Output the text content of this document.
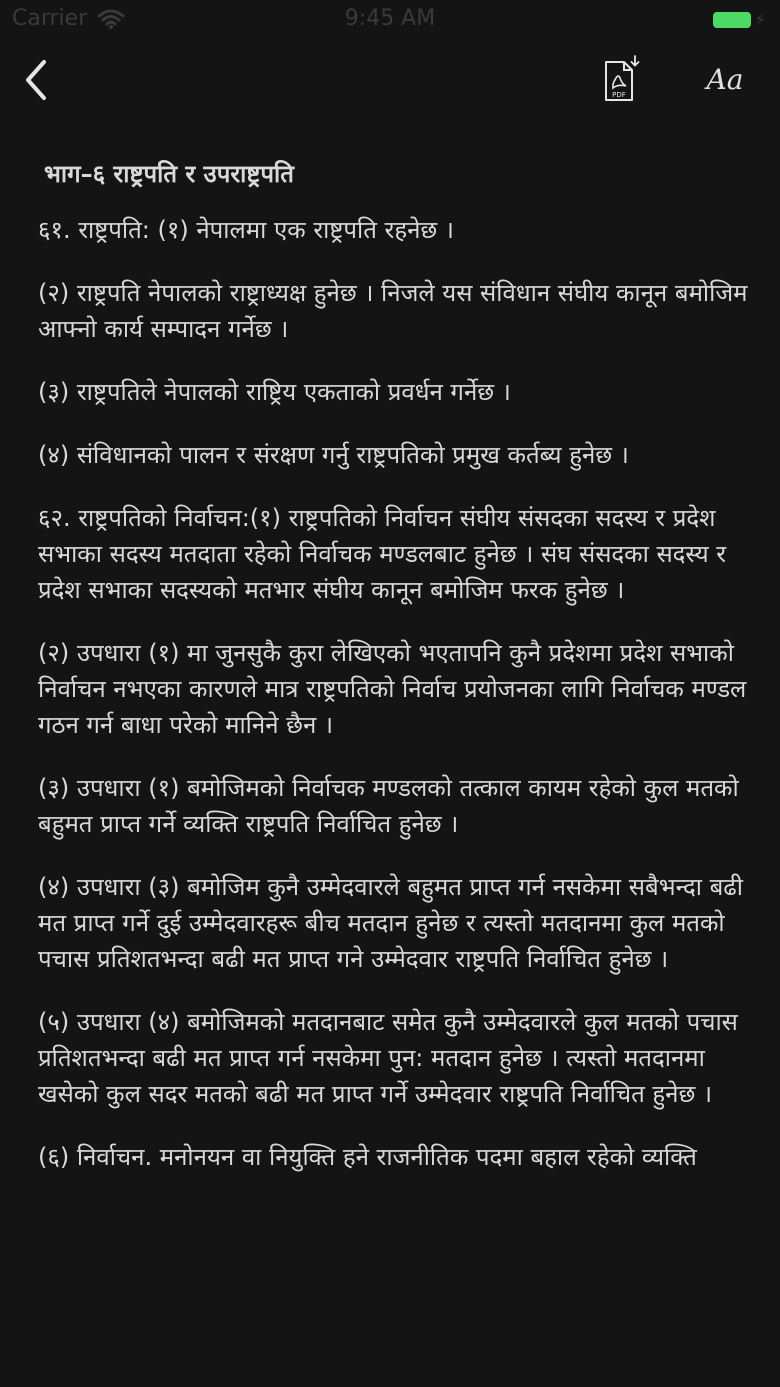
Carrier	9:45 AM	⚡
PDF	Aa
भाग–६ राष्ट्रपति र उपराष्ट्रपति

६१. राष्ट्रपति: (१) नेपालमा एक राष्ट्रपति रहनेछ ।

(२) राष्ट्रपति नेपालको राष्ट्राध्यक्ष हुनेछ । निजले यस संविधान संघीय कानून बमोजिम आफ्नो कार्य सम्पादन गर्नेछ ।

(३) राष्ट्रपतिले नेपालको राष्ट्रिय एकताको प्रवर्धन गर्नेछ ।

(४) संविधानको पालन र संरक्षण गर्नु राष्ट्रपतिको प्रमुख कर्तब्य हुनेछ ।

६२. राष्ट्रपतिको निर्वाचन:(१) राष्ट्रपतिको निर्वाचन संघीय संसदका सदस्य र प्रदेश सभाका सदस्य मतदाता रहेको निर्वाचक मण्डलबाट हुनेछ । संघ संसदका सदस्य र प्रदेश सभाका सदस्यको मतभार संघीय कानून बमोजिम फरक हुनेछ ।

(२) उपधारा (१) मा जुनसुकै कुरा लेखिएको भएतापनि कुनै प्रदेशमा प्रदेश सभाको निर्वाचन नभएका कारणले मात्र राष्ट्रपतिको निर्वाच प्रयोजनका लागि निर्वाचक मण्डल गठन गर्न बाधा परेको मानिने छैन ।

(३) उपधारा (१) बमोजिमको निर्वाचक मण्डलको तत्काल कायम रहेको कुल मतको बहुमत प्राप्त गर्ने व्यक्ति राष्ट्रपति निर्वाचित हुनेछ ।

(४) उपधारा (३) बमोजिम कुनै उम्मेदवारले बहुमत प्राप्त गर्न नसकेमा सबैभन्दा बढी मत प्राप्त गर्ने दुई उम्मेदवारहरू बीच मतदान हुनेछ र त्यस्तो मतदानमा कुल मतको पचास प्रतिशतभन्दा बढी मत प्राप्त गने उम्मेदवार राष्ट्रपति निर्वाचित हुनेछ ।

(५) उपधारा (४) बमोजिमको मतदानबाट समेत कुनै उम्मेदवारले कुल मतको पचास प्रतिशतभन्दा बढी मत प्राप्त गर्न नसकेमा पुन: मतदान हुनेछ । त्यस्तो मतदानमा खसेको कुल सदर मतको बढी मत प्राप्त गर्ने उम्मेदवार राष्ट्रपति निर्वाचित हुनेछ ।

(६) निर्वाचन. मनोनयन वा नियुक्ति हने राजनीतिक पदमा बहाल रहेको व्यक्ति
